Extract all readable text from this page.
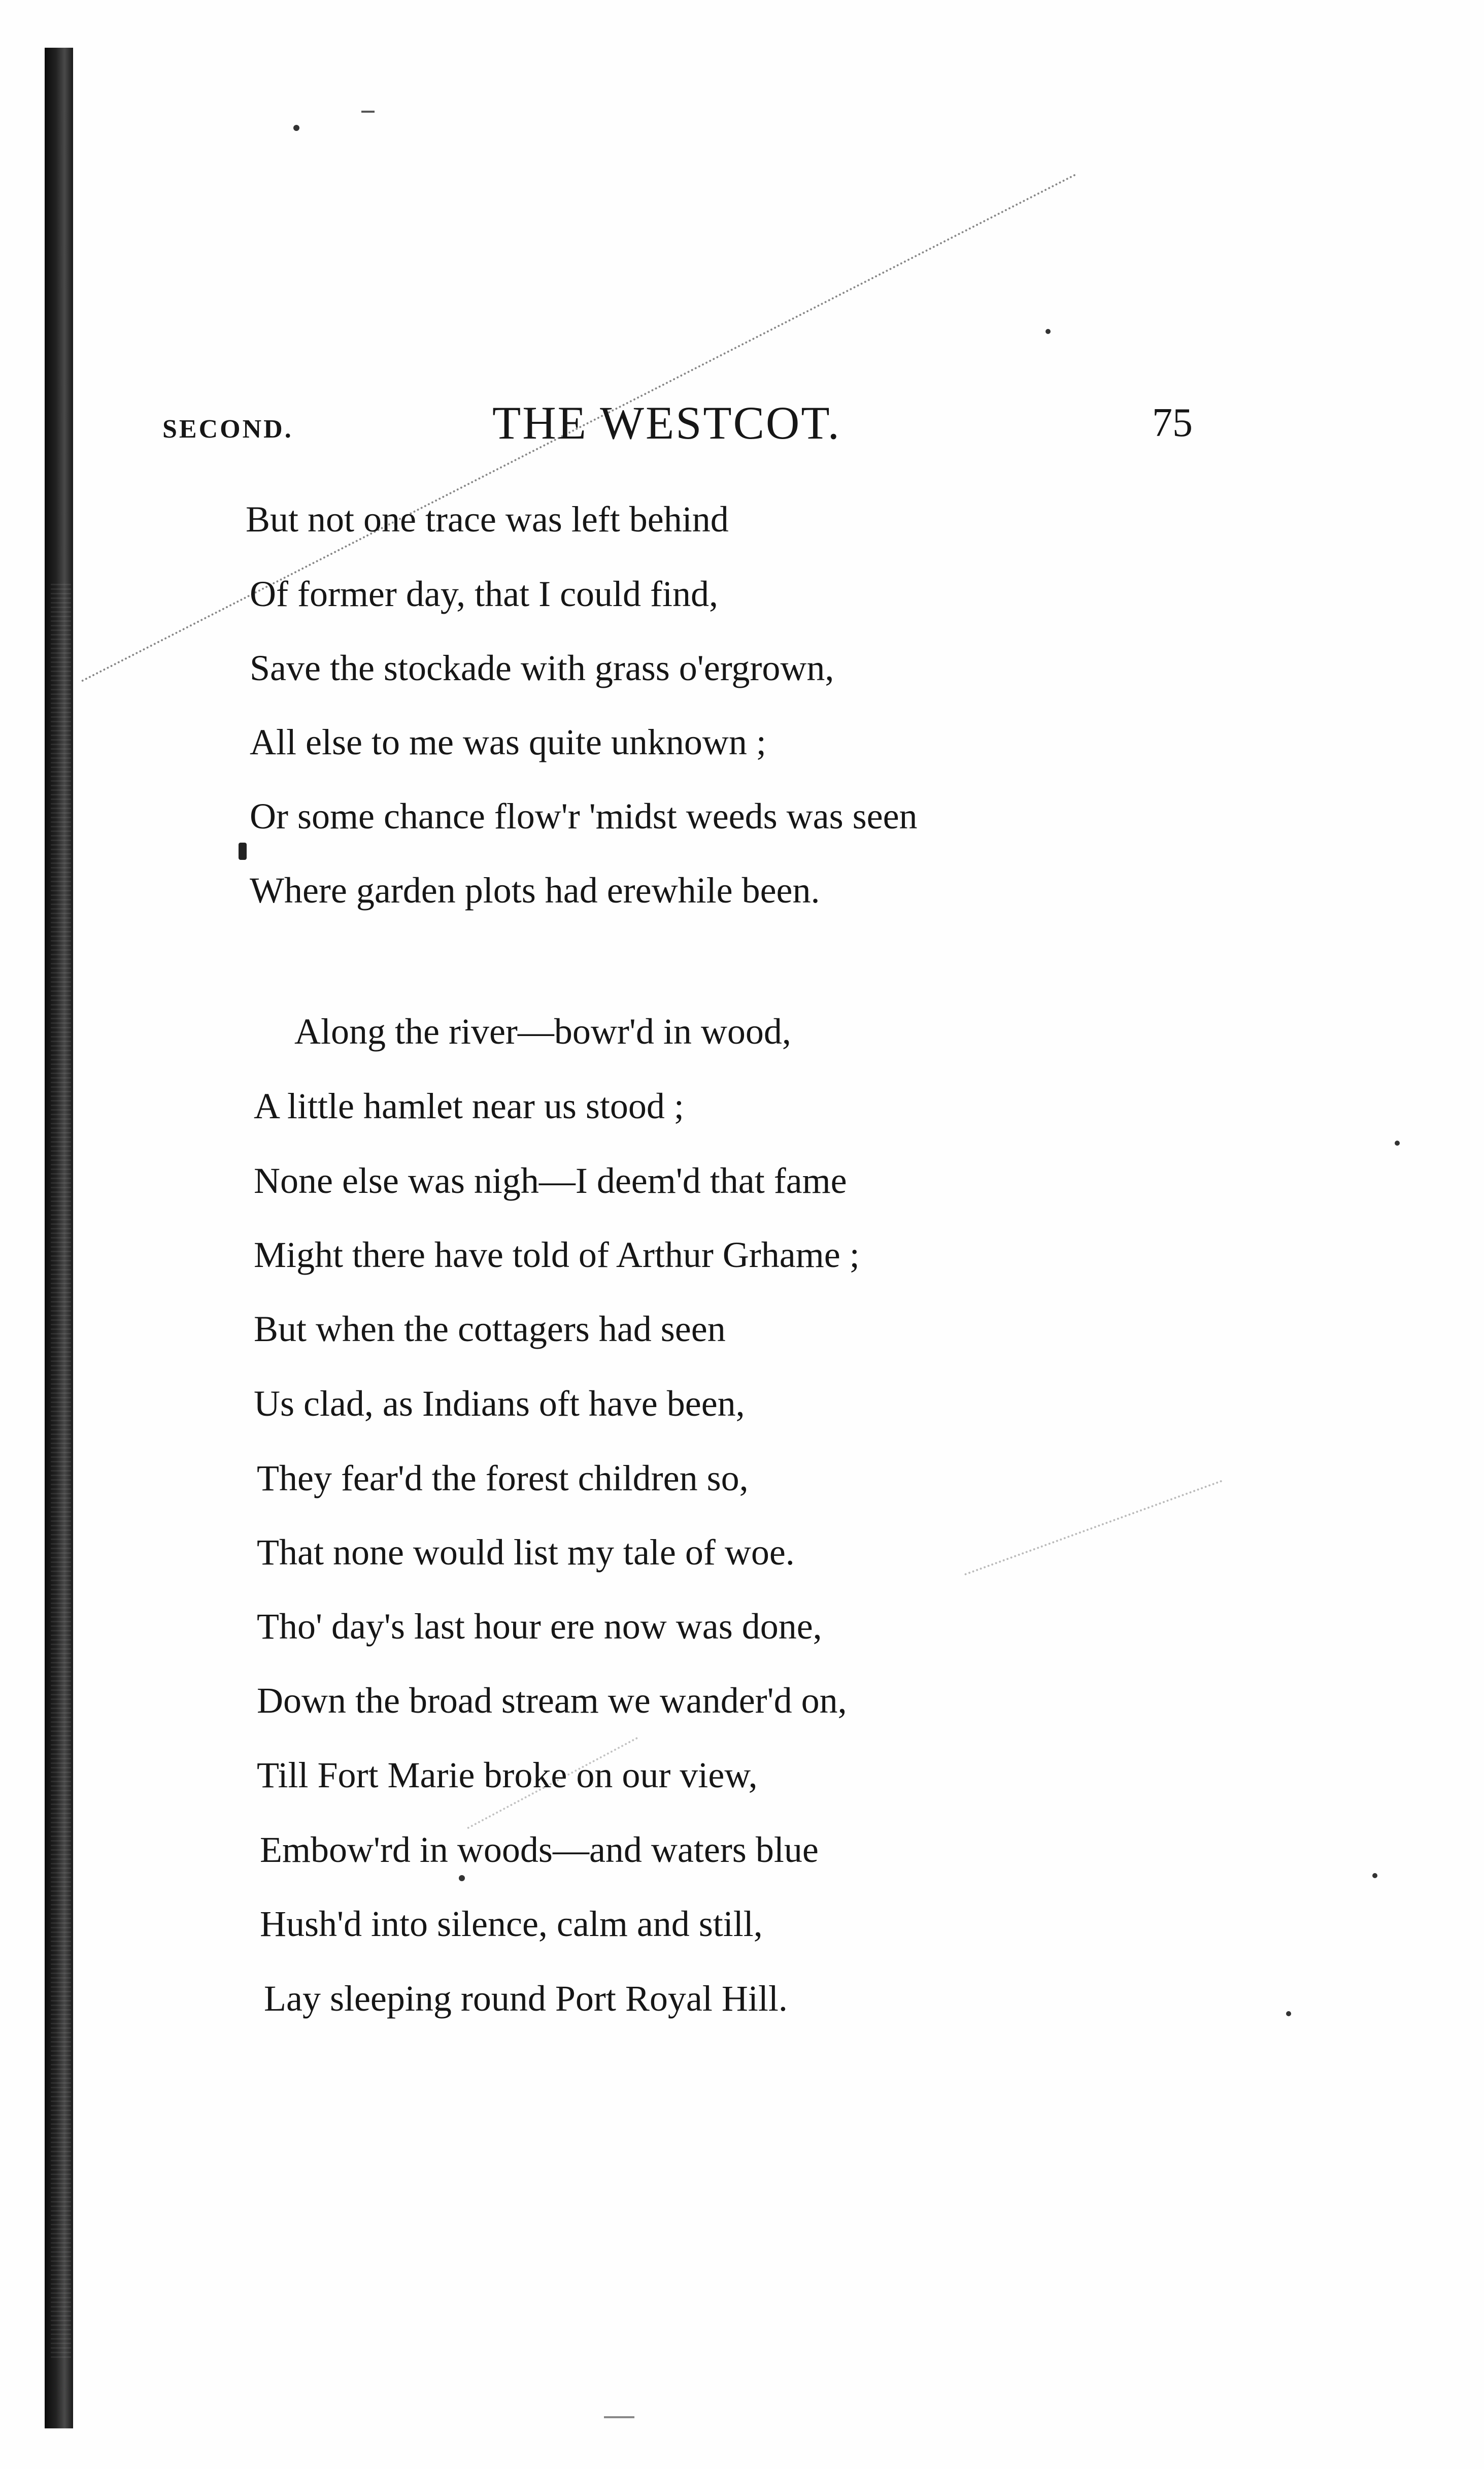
SECOND.	THE WESTCOT.	75
But not one trace was left behind
Of former day, that I could find,
Save the stockade with grass o'ergrown,
All else to me was quite unknown ;
Or some chance flow'r 'midst weeds was seen
Where garden plots had erewhile been.
Along the river—bowr'd in wood,
A little hamlet near us stood ;
None else was nigh—I deem'd that fame
Might there have told of Arthur Grhame ;
But when the cottagers had seen
Us clad, as Indians oft have been,
They fear'd the forest children so,
That none would list my tale of woe.
Tho' day's last hour ere now was done,
Down the broad stream we wander'd on,
Till Fort Marie broke on our view,
Embow'rd in woods—and waters blue
Hush'd into silence, calm and still,
Lay sleeping round Port Royal Hill.
